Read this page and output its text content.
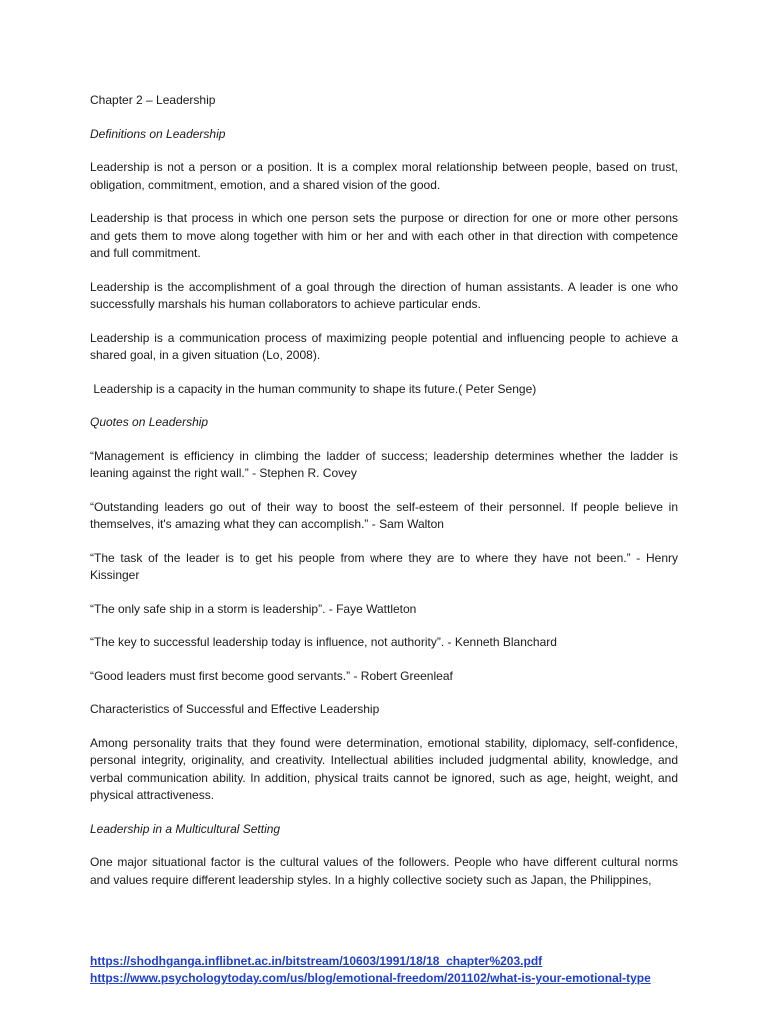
Chapter 2 – Leadership

Definitions on Leadership

Leadership is not a person or a position. It is a complex moral relationship between people, based on trust, obligation, commitment, emotion, and a shared vision of the good.

Leadership is that process in which one person sets the purpose or direction for one or more other persons and gets them to move along together with him or her and with each other in that direction with competence and full commitment.

Leadership is the accomplishment of a goal through the direction of human assistants. A leader is one who successfully marshals his human collaborators to achieve particular ends.

Leadership is a communication process of maximizing people potential and influencing people to achieve a shared goal, in a given situation (Lo, 2008).

Leadership is a capacity in the human community to shape its future.( Peter Senge)

Quotes on Leadership

“Management is efficiency in climbing the ladder of success; leadership determines whether the ladder is leaning against the right wall.” - Stephen R. Covey

“Outstanding leaders go out of their way to boost the self-esteem of their personnel. If people believe in themselves, it's amazing what they can accomplish.” - Sam Walton

“The task of the leader is to get his people from where they are to where they have not been.” - Henry Kissinger

“The only safe ship in a storm is leadership”. - Faye Wattleton

“The key to successful leadership today is influence, not authority”. - Kenneth Blanchard

“Good leaders must first become good servants.” - Robert Greenleaf

Characteristics of Successful and Effective Leadership

Among personality traits that they found were determination, emotional stability, diplomacy, self-confidence, personal integrity, originality, and creativity. Intellectual abilities included judgmental ability, knowledge, and verbal communication ability. In addition, physical traits cannot be ignored, such as age, height, weight, and physical attractiveness.

Leadership in a Multicultural Setting

One major situational factor is the cultural values of the followers. People who have different cultural norms and values require different leadership styles. In a highly collective society such as Japan, the Philippines,

https://shodhganga.inflibnet.ac.in/bitstream/10603/1991/18/18_chapter%203.pdf
https://www.psychologytoday.com/us/blog/emotional-freedom/201102/what-is-your-emotional-type
